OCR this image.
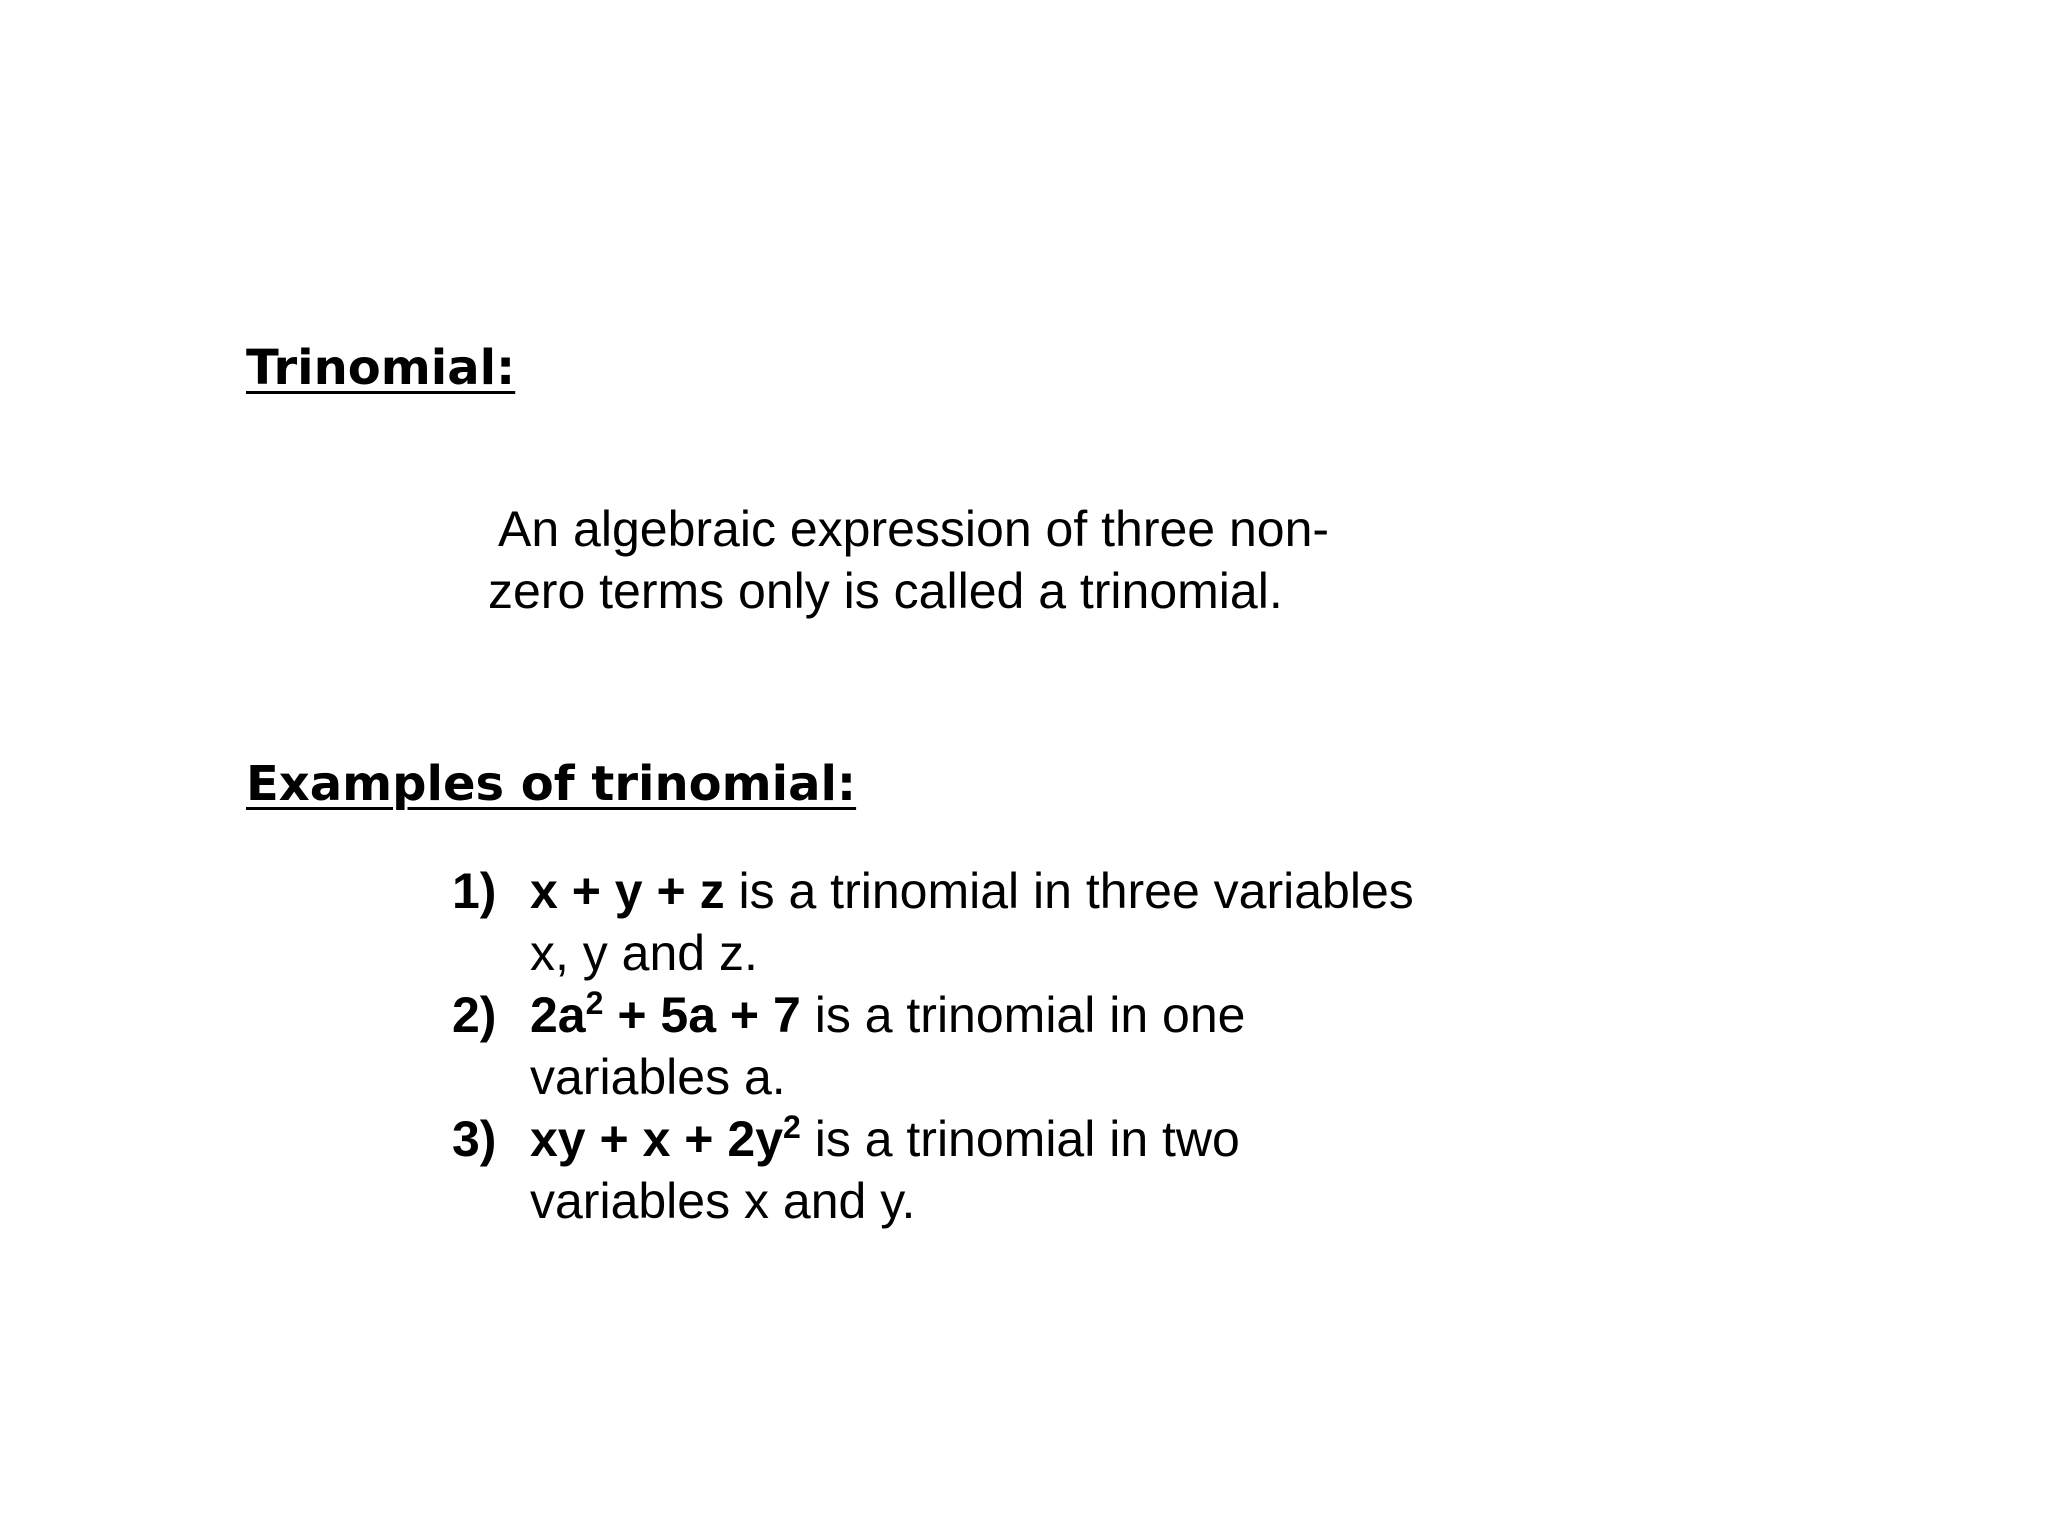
Trinomial:

An algebraic expression of three non-
zero terms only is called a trinomial.

Examples of trinomial:
1) x + y + z is a trinomial in three variables
x, y and z.
2) $2a^2 + 5a + 7$ is a trinomial in one
variables a.
3) xy + $x + 2y^2$ is a trinomial in two
variables x and y.
